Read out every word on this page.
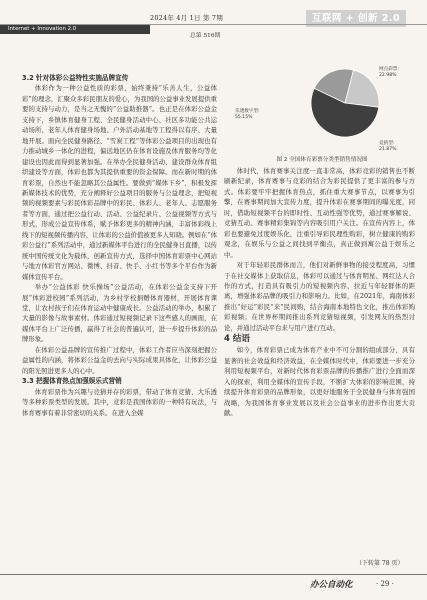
2024年 4月 1日 第 7期	互联网 + 创新 2.0
Internet + Innovation 2.0
总第 516期
3.2 针对体彩公益特性实施品牌宣传

体彩作为一种公益性质的彩票，始终秉持“乐善人生，公益体彩”的理念，汇聚众多彩民朋友的爱心，为我国的公益事业发展提供重要的支持与动力，是当之无愧的“公益助推器”。也正是在体彩公益金支持下，乡镇体育健身工程、全民健身活动中心、社区多功能公共运动场所、老年人体育健身场地、户外活动基地等工程得以有序、大量地开展。面向全民健身路径、“雪炭工程”等体彩公益项目的出现也有力推动城乡一体化的进程，偏远地区仍在体育设施及体育服务均等化建设也因此而得到显著加强。在举办全民健身活动、建设群众体育组织建设等方面，体彩也都为其提供重要的资金保障。而在新时期的体育彩票，自然也不能忽略其公益属性。要做到“媒体下乡”，积极发挥新媒体技术的优势，充分阐释好公益项目的服务与公益理念，把短视频的视频要素与彩民体彩品牌中的彩民、体彩人、老年人、志愿服务者等方面，通过把公益行动、活动、公益纪录片、公益视频等方式与形式，形成公益宣传体系，赋予体彩更多的精神内涵，丰富体彩线上线下的短视频传播内容，让体彩的公益价值被更多人知晓。例如在“体彩公益行”系列活动中，通过新媒体平台进行的全民健身日直播，以传统中国传统文化为载体，创新宣传方式，选择中国体育彩票中心网站与地方体彩官方网站、微博、抖音、快手、小红书等多个平台作为新媒体宣传平台。

举办“公益体彩 快乐操场”公益活动，在体彩公益金支持下开展“体彩进校园”系列活动，为乡村学校捐赠体育器材，开展体育课堂，让农村孩子们在体育运动中健康成长。公益活动的举办，积累了大量的影像与故事素材。体彩通过短视频记录下这些感人的画面，在媒体平台上广泛传播，赢得了社会的普遍认可，进一步提升体彩的品牌形象。

在体彩公益品牌的宣传推广过程中，体彩工作者应当深刻把握公益属性的内涵，将体彩公益金的去向与实际成果具体化，让体彩公益的阳光照进更多人的心中。

3.3 把握体育热点加强娱乐式营销

体育彩票作为兴趣与竞猜并存的彩票，带动了体育竞猜、大乐透等多种彩票类型的发展。其中，竞彩是我国体彩的一种特有玩法，与体育赛事有着非常密切的关系。在进入全媒

网点彩票: 22.98%
乐透数字型: 55.15%
竞猜型: 21.87%
图 2 全国体育彩票分类型销售情况图

体时代，体育赛事关注度一直非常高，体彩竞彩的销售也不断刷新纪录，体育赛事与竞彩的结合为彩民提供了更丰富的参与方式。体彩要牢牢把握体育热点，抓住重大赛事节点，以赛事为引擎，在赛事期间加大宣传力度，提升体彩在赛事期间的曝光度，同时，借助短视频平台的即时性、互动性强等优势，通过赛事解说、竞猜互动、赛事精彩集锦等内容吸引用户关注。在宣传内容上，体彩也要避免过度娱乐化，注重引导彩民理性购彩，树立健康的购彩观念，在娱乐与公益之间找到平衡点，真正做到寓公益于娱乐之中。

对于年轻彩民群体而言，他们对新鲜事物的接受程度高，习惯于在社交媒体上获取信息，体彩可以通过与体育明星、网红达人合作的方式，打造具有吸引力的短视频内容，拉近与年轻群体的距离，增强体彩品牌的吸引力和影响力。比如，在2021年，海南体彩推出“好运”彩民“来”民间购，结合海南本地特色文化，推出体彩购彩视频；在世界杯期间推出系列竞猜短视频，引发网友的热烈讨论，并通过活动平台来与用户进行互动。

4 结语

如今，体育彩票已成为体育产业中不可分割的组成部分，具有显著的社会效益和经济效益，在全媒体时代中，体彩要进一步充分利用短视频平台，对新时代体育彩票品牌的传播推广进行全面而深入的探索，利用全媒体的宣传手段，不断扩大体彩的影响范围，持续提升体育彩票的品牌形象，以更好地服务于全民健身与体育强国战略，为我国体育事业发展以及社会公益事业的进步作出更大贡献。

（下转第 78 页）
办公自动化	· 29 ·
